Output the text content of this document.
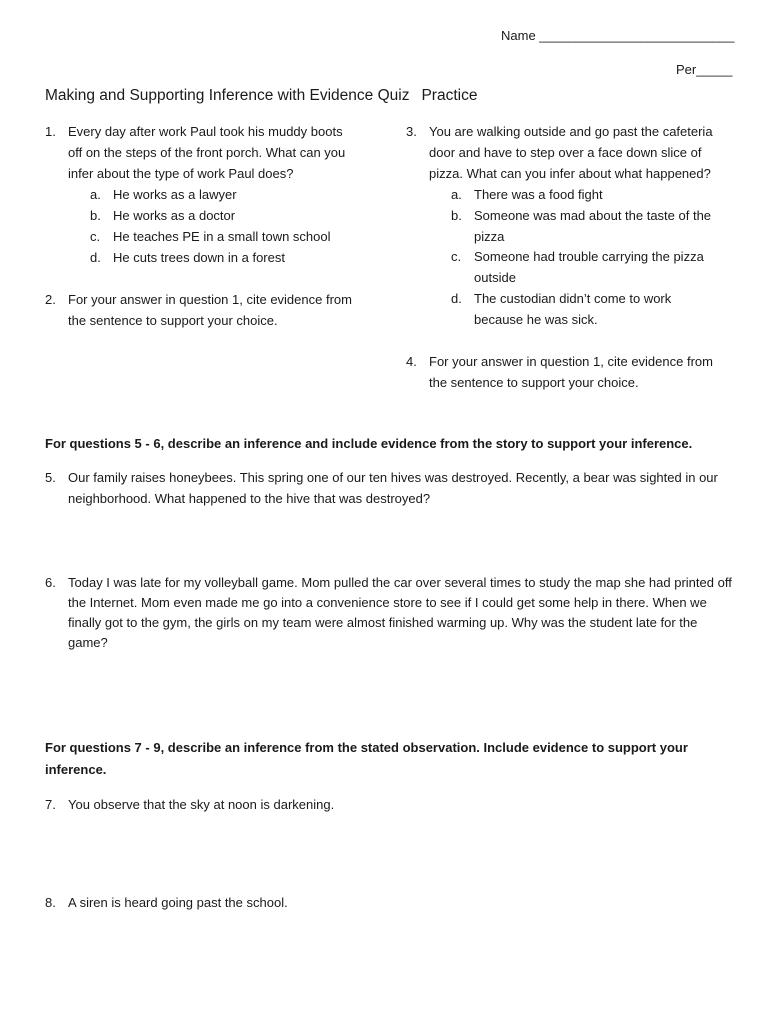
Name ___________________________
Per_____
Making and Supporting Inference with Evidence Quiz Practice
1. Every day after work Paul took his muddy boots
off on the steps of the front porch. What can you
infer about the type of work Paul does?
a. He works as a lawyer
b. He works as a doctor
c. He teaches PE in a small town school
d. He cuts trees down in a forest
2. For your answer in question 1, cite evidence from
the sentence to support your choice.
3. You are walking outside and go past the cafeteria
door and have to step over a face down slice of
pizza. What can you infer about what happened?
a. There was a food fight
b. Someone was mad about the taste of the
pizza
c. Someone had trouble carrying the pizza
outside
d. The custodian didn’t come to work
because he was sick.
4. For your answer in question 1, cite evidence from
the sentence to support your choice.
For questions 5 - 6, describe an inference and include evidence from the story to support your inference.
5. Our family raises honeybees. This spring one of our ten hives was destroyed. Recently, a bear was sighted in our
neighborhood. What happened to the hive that was destroyed?
6. Today I was late for my volleyball game. Mom pulled the car over several times to study the map she had printed off
the Internet. Mom even made me go into a convenience store to see if I could get some help in there. When we
finally got to the gym, the girls on my team were almost finished warming up. Why was the student late for the
game?
For questions 7 - 9, describe an inference from the stated observation. Include evidence to support your
inference.
7. You observe that the sky at noon is darkening.
8. A siren is heard going past the school.
